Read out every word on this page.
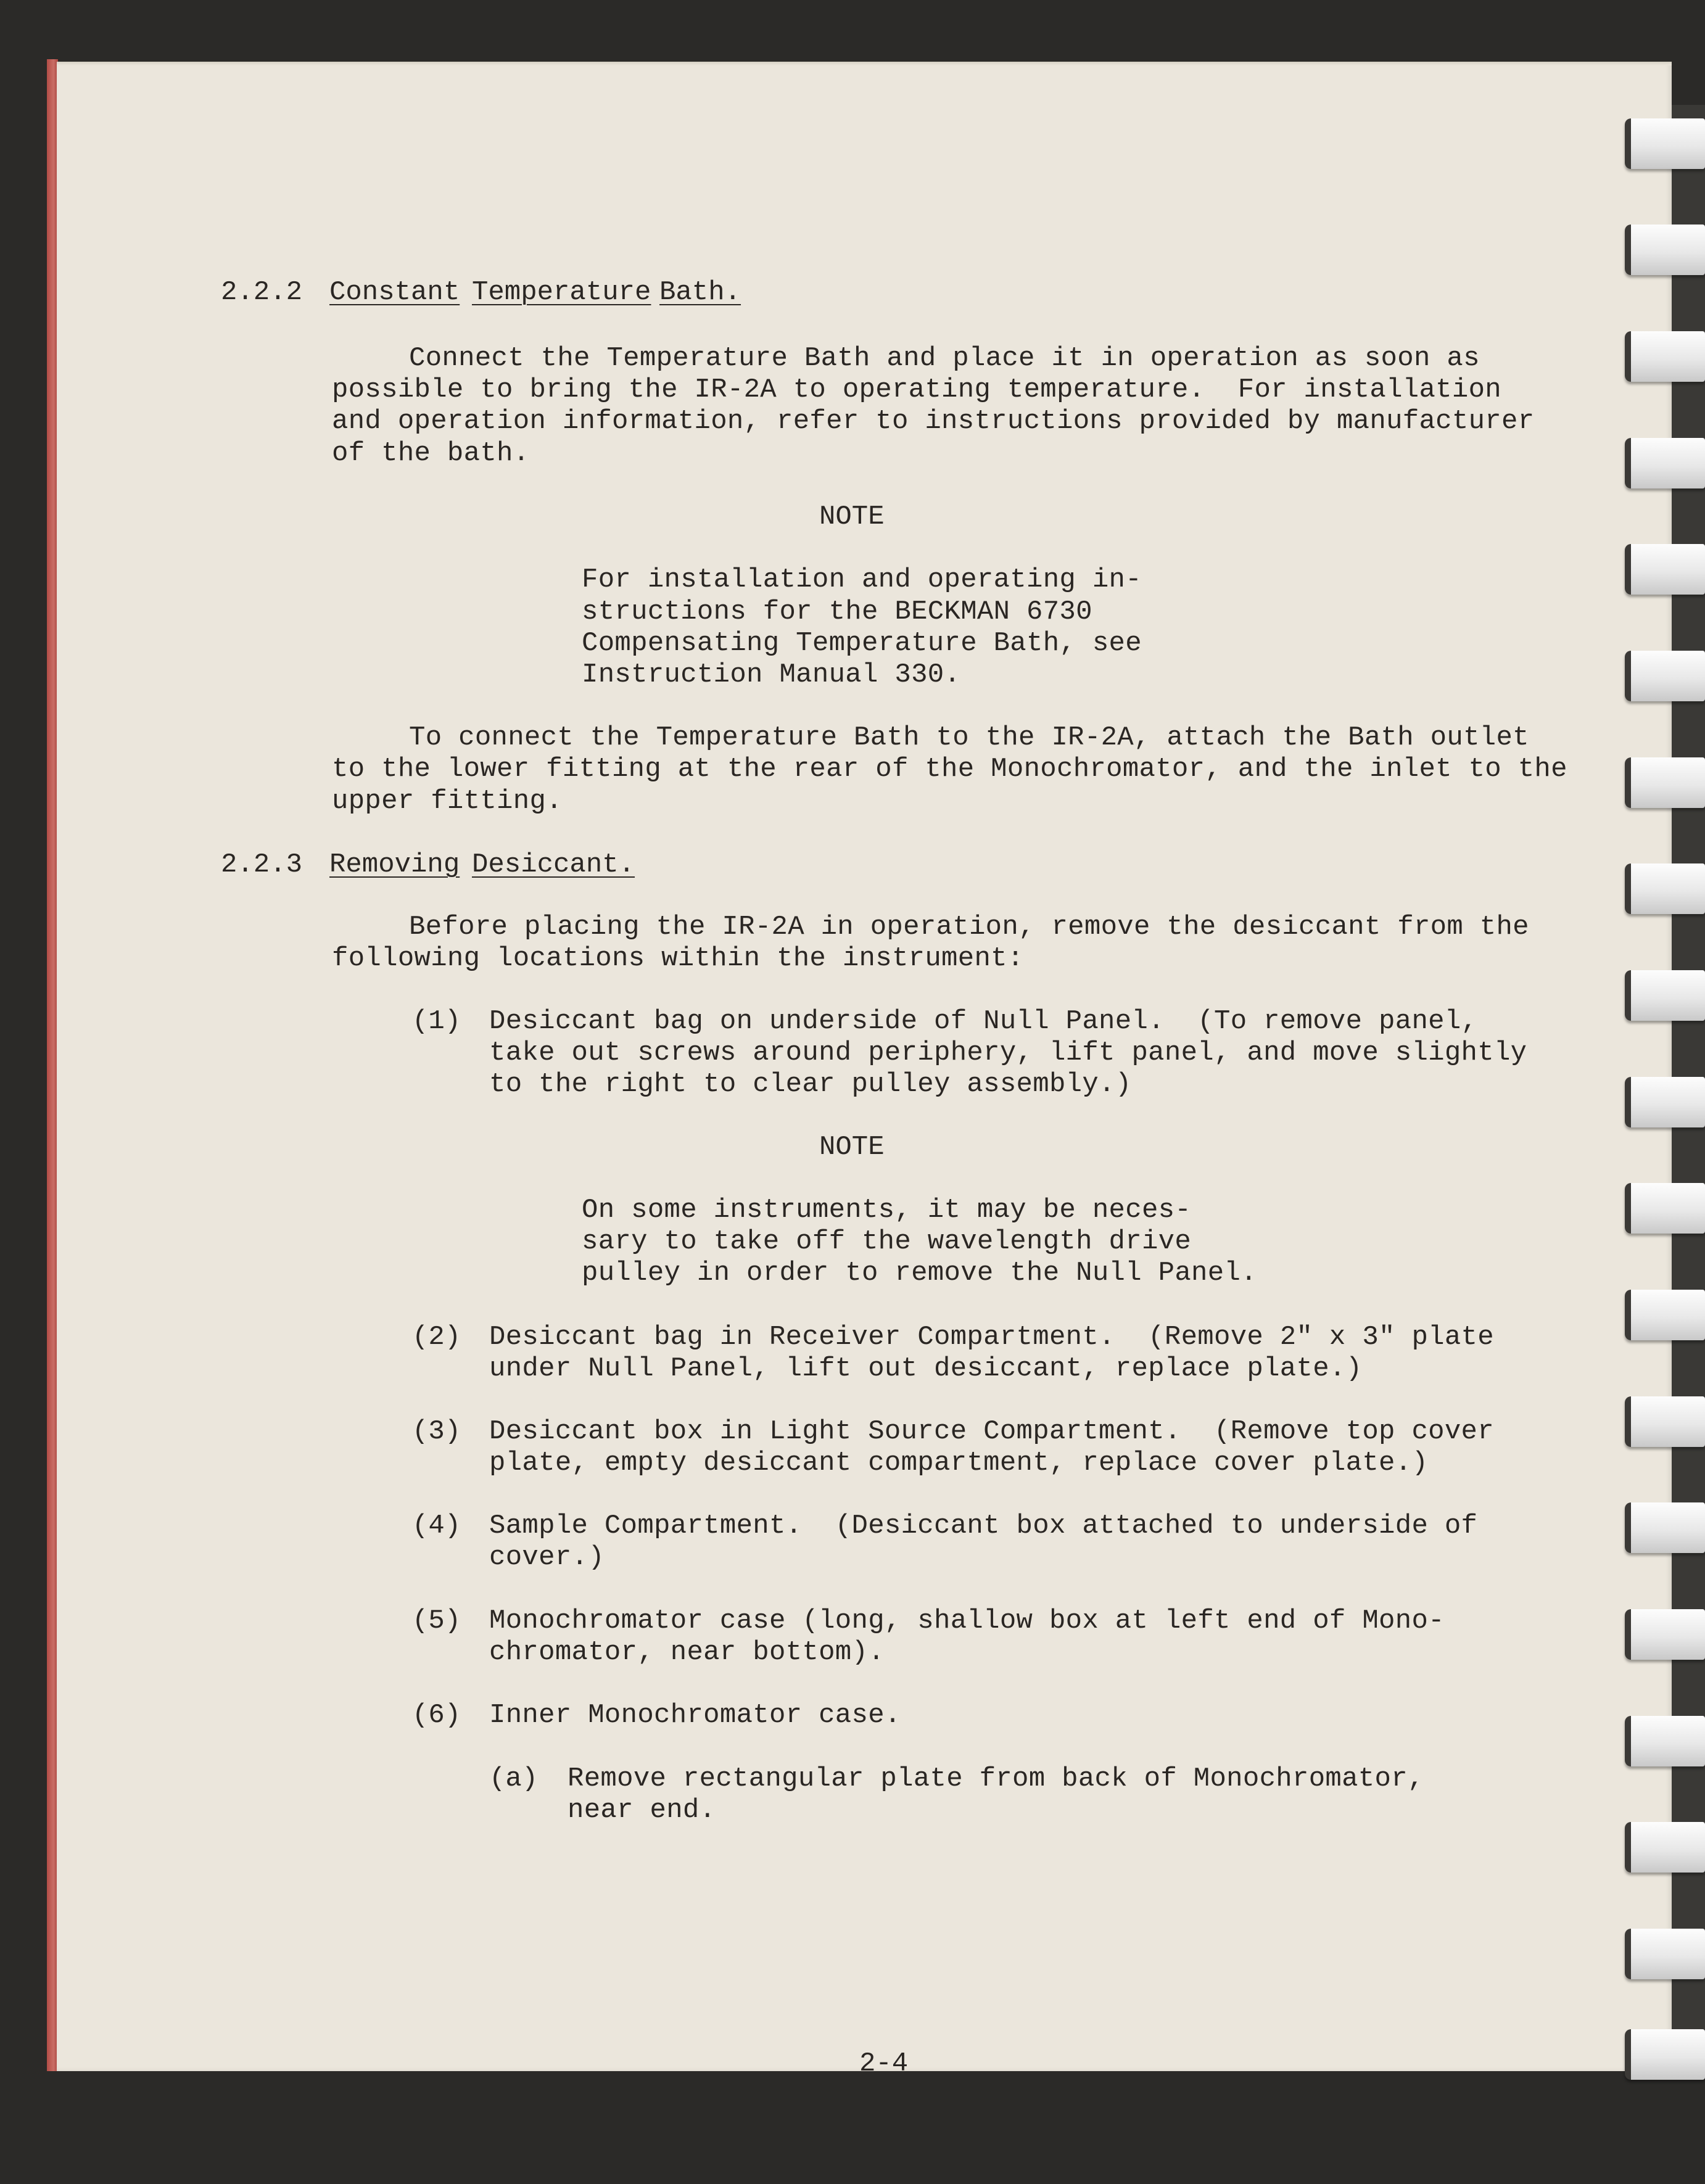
2.2.2 Constant Temperature Bath.
Connect the Temperature Bath and place it in operation as soon as
possible to bring the IR-2A to operating temperature.  For installation
and operation information, refer to instructions provided by manufacturer
of the bath.
NOTE
For installation and operating in-
structions for the BECKMAN 6730
Compensating Temperature Bath, see
Instruction Manual 330.
To connect the Temperature Bath to the IR-2A, attach the Bath outlet
to the lower fitting at the rear of the Monochromator, and the inlet to the
upper fitting.
2.2.3 Removing Desiccant.
Before placing the IR-2A in operation, remove the desiccant from the
following locations within the instrument:
(1) Desiccant bag on underside of Null Panel.  (To remove panel,
take out screws around periphery, lift panel, and move slightly
to the right to clear pulley assembly.)
NOTE
On some instruments, it may be neces-
sary to take off the wavelength drive
pulley in order to remove the Null Panel.
(2) Desiccant bag in Receiver Compartment.  (Remove 2" x 3" plate
under Null Panel, lift out desiccant, replace plate.)
(3) Desiccant box in Light Source Compartment.  (Remove top cover
plate, empty desiccant compartment, replace cover plate.)
(4) Sample Compartment.  (Desiccant box attached to underside of
cover.)
(5) Monochromator case (long, shallow box at left end of Mono-
chromator, near bottom).
(6) Inner Monochromator case.
(a) Remove rectangular plate from back of Monochromator,
near end.
2-4
